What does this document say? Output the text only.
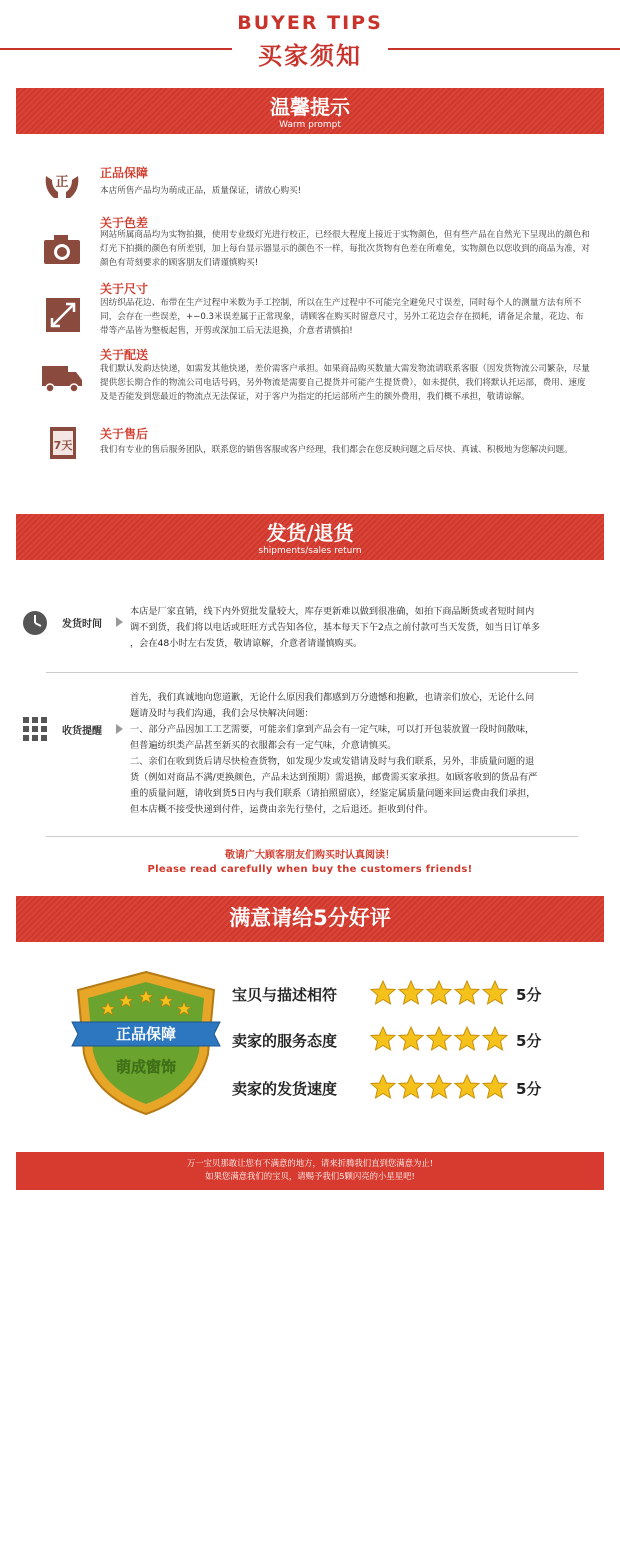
BUYER TIPS
买家须知
温馨提示
Warm prompt
正
正品保障
本店所售产品均为萌成正品，质量保证，请放心购买!
关于色差
网站所属商品均为实物拍摄，使用专业级灯光进行校正，已经很大程度上接近于实物颜色，但有些产品在自然光下呈现出的颜色和灯光下拍摄的颜色有所差别，加上每台显示器显示的颜色不一样，每批次货物有色差在所难免，实物颜色以您收到的商品为准，对颜色有苛刻要求的顾客朋友们请谨慎购买!
关于尺寸
因纺织品花边、布带在生产过程中米数为手工控制，所以在生产过程中不可能完全避免尺寸误差，同时每个人的测量方法有所不同，会存在一些误差，+−0.3米误差属于正常现象，请顾客在购买时留意尺寸，另外工花边会存在损耗，请备足余量，花边、布带等产品皆为整板起售，开剪或深加工后无法退换，介意者请慎拍!
关于配送
我们默认发韵达快递，如需发其他快递，差价需客户承担。如果商品购买数量大需发物流请联系客服（因发货物流公司繁杂，尽量提供您长期合作的物流公司电话号码，另外物流是需要自己提货并可能产生提货费），如未提供，我们将默认托运部，费用、速度及是否能发到您最近的物流点无法保证，对于客户为指定的托运部所产生的额外费用，我们概不承担，敬请谅解。
7天
关于售后
我们有专业的售后服务团队，联系您的销售客服或客户经理，我们都会在您反映问题之后尽快、真诚、积极地为您解决问题。
发货/退货
shipments/sales return
发货时间
本店是厂家直销，线下内外贸批发量较大，库存更新难以做到很准确，如拍下商品断货或者短时间内
调不到货，我们将以电话或旺旺方式告知各位，基本每天下午2点之前付款可当天发货，如当日订单多
，会在48小时左右发货，敬请谅解，介意者请谨慎购买。
收货提醒
首先，我们真诚地向您道歉，无论什么原因我们都感到万分遗憾和抱歉，也请亲们放心，无论什么问
题请及时与我们沟通，我们会尽快解决问题：
一、部分产品因加工工艺需要，可能亲们拿到产品会有一定气味，可以打开包装放置一段时间散味，
但普遍纺织类产品甚至新买的衣服都会有一定气味，介意请慎买。
二、亲们在收到货后请尽快检查货物，如发现少发或发错请及时与我们联系，另外，非质量问题的退
货（例如对商品不满/更换颜色，产品未达到预期）需退换，邮费需买家承担。如顾客收到的货品有严
重的质量问题，请收到货5日内与我们联系（请拍照留底），经鉴定属质量问题来回运费由我们承担，
但本店概不接受快递到付件，运费由亲先行垫付，之后退还。拒收到付件。
敬请广大顾客朋友们购买时认真阅读！
Please read carefully when buy the customers friends!
满意请给5分好评
正品保障
萌成窗饰
宝贝与描述相符	5分
卖家的服务态度	5分
卖家的发货速度	5分
万一宝贝那敢让您有不满意的地方，请来折腾我们直到您满意为止!
如果您满意我们的宝贝，请赐予我们5颗闪亮的小星星吧!
